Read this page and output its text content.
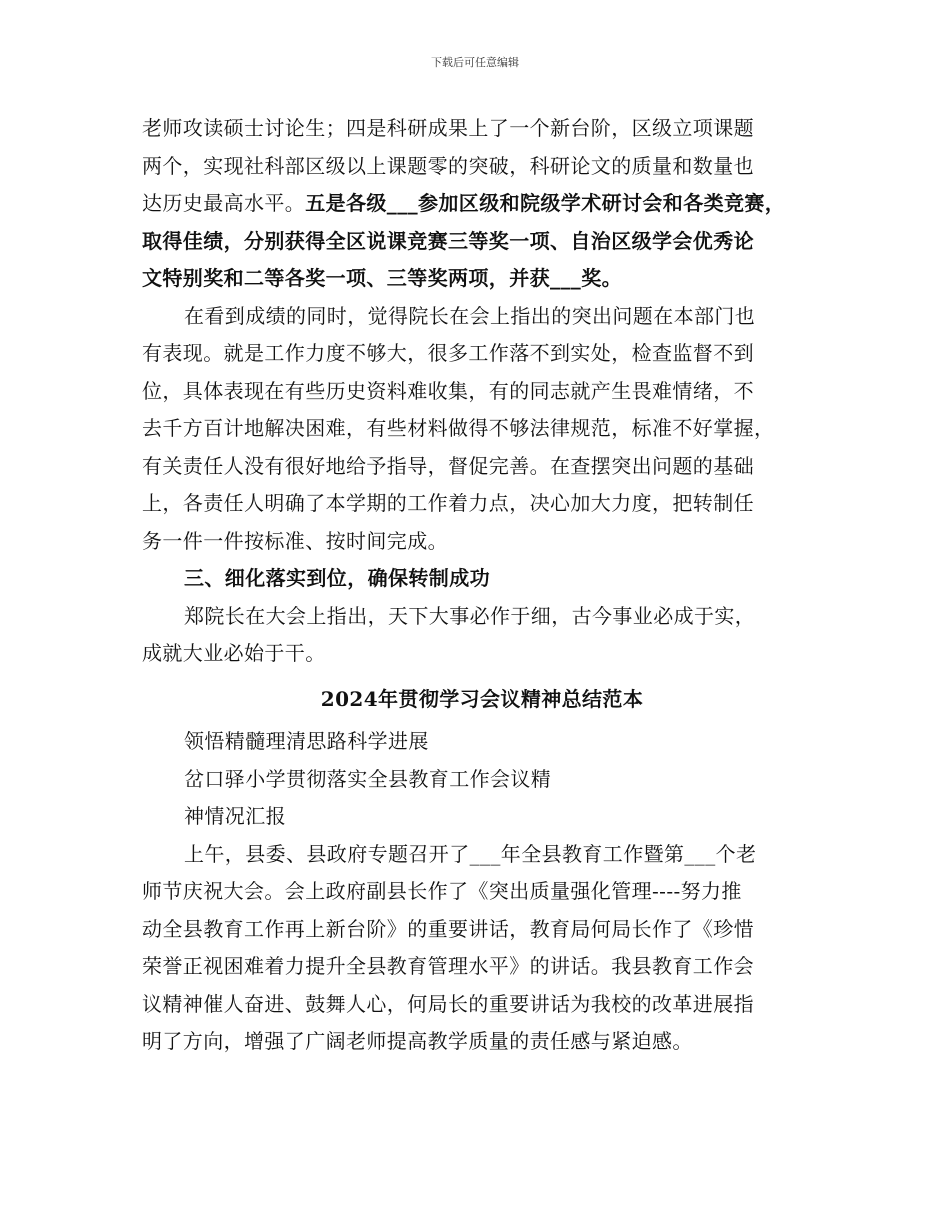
下载后可任意编辑

老师攻读硕士讨论生；四是科研成果上了一个新台阶，区级立项课题
两个，实现社科部区级以上课题零的突破，科研论文的质量和数量也
达历史最高水平。五是各级___参加区级和院级学术研讨会和各类竞赛，
取得佳绩，分别获得全区说课竞赛三等奖一项、自治区级学会优秀论
文特别奖和二等各奖一项、三等奖两项，并获___奖。

在看到成绩的同时，觉得院长在会上指出的突出问题在本部门也
有表现。就是工作力度不够大，很多工作落不到实处，检查监督不到
位，具体表现在有些历史资料难收集，有的同志就产生畏难情绪，不
去千方百计地解决困难，有些材料做得不够法律规范，标准不好掌握，
有关责任人没有很好地给予指导，督促完善。在查摆突出问题的基础
上，各责任人明确了本学期的工作着力点，决心加大力度，把转制任
务一件一件按标准、按时间完成。

三、细化落实到位，确保转制成功

郑院长在大会上指出，天下大事必作于细，古今事业必成于实，
成就大业必始于干。

2024年贯彻学习会议精神总结范本

领悟精髓理清思路科学进展
岔口驿小学贯彻落实全县教育工作会议精
神情况汇报

上午，县委、县政府专题召开了___年全县教育工作暨第___个老
师节庆祝大会。会上政府副县长作了《突出质量强化管理----努力推
动全县教育工作再上新台阶》的重要讲话，教育局何局长作了《珍惜
荣誉正视困难着力提升全县教育管理水平》的讲话。我县教育工作会
议精神催人奋进、鼓舞人心，何局长的重要讲话为我校的改革进展指
明了方向，增强了广阔老师提高教学质量的责任感与紧迫感。
